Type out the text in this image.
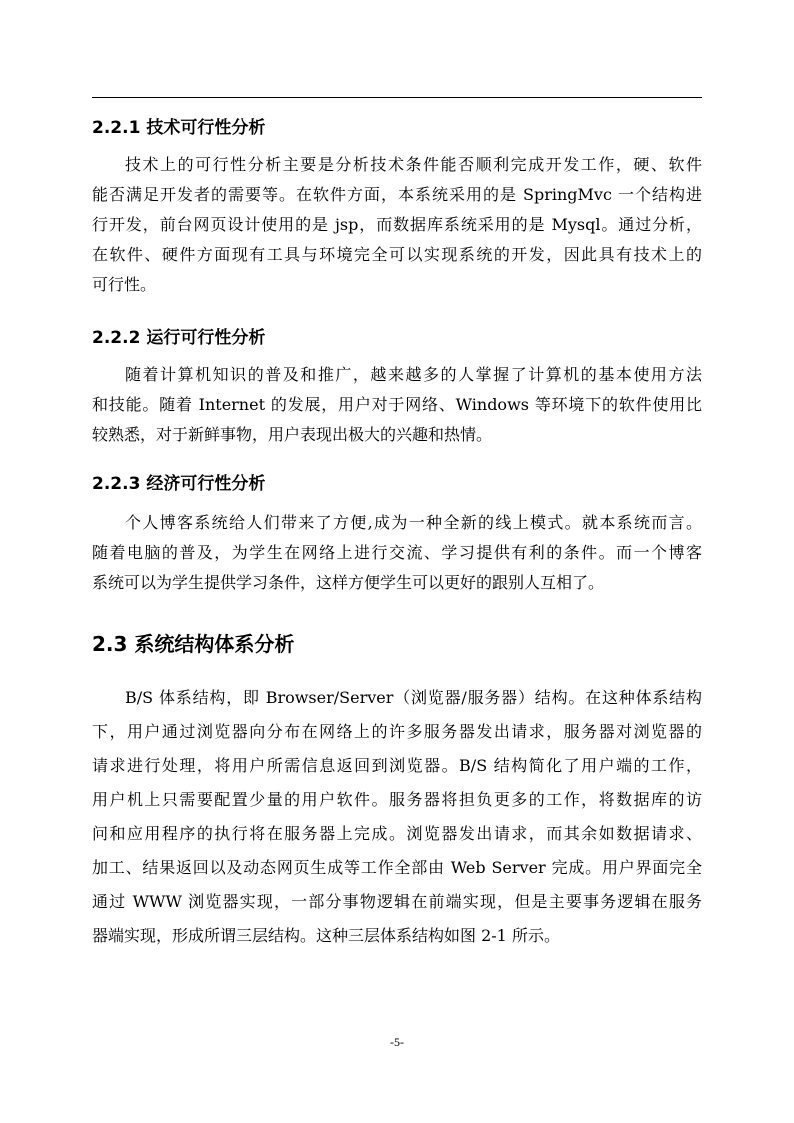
2.2.1 技术可行性分析
技术上的可行性分析主要是分析技术条件能否顺利完成开发工作，硬、软件
能否满足开发者的需要等。在软件方面，本系统采用的是 SpringMvc 一个结构进
行开发，前台网页设计使用的是 jsp，而数据库系统采用的是 Mysql。通过分析，
在软件、硬件方面现有工具与环境完全可以实现系统的开发，因此具有技术上的
可行性。
2.2.2 运行可行性分析
随着计算机知识的普及和推广，越来越多的人掌握了计算机的基本使用方法
和技能。随着 Internet 的发展，用户对于网络、Windows 等环境下的软件使用比
较熟悉，对于新鲜事物，用户表现出极大的兴趣和热情。
2.2.3 经济可行性分析
个人博客系统给人们带来了方便,成为一种全新的线上模式。就本系统而言。
随着电脑的普及，为学生在网络上进行交流、学习提供有利的条件。而一个博客
系统可以为学生提供学习条件，这样方便学生可以更好的跟别人互相了。
2.3 系统结构体系分析
B/S 体系结构，即 Browser/Server（浏览器/服务器）结构。在这种体系结构
下，用户通过浏览器向分布在网络上的许多服务器发出请求，服务器对浏览器的
请求进行处理，将用户所需信息返回到浏览器。B/S 结构简化了用户端的工作，
用户机上只需要配置少量的用户软件。服务器将担负更多的工作，将数据库的访
问和应用程序的执行将在服务器上完成。浏览器发出请求，而其余如数据请求、
加工、结果返回以及动态网页生成等工作全部由 Web Server 完成。用户界面完全
通过 WWW 浏览器实现，一部分事物逻辑在前端实现，但是主要事务逻辑在服务
器端实现，形成所谓三层结构。这种三层体系结构如图 2-1 所示。
-5-
